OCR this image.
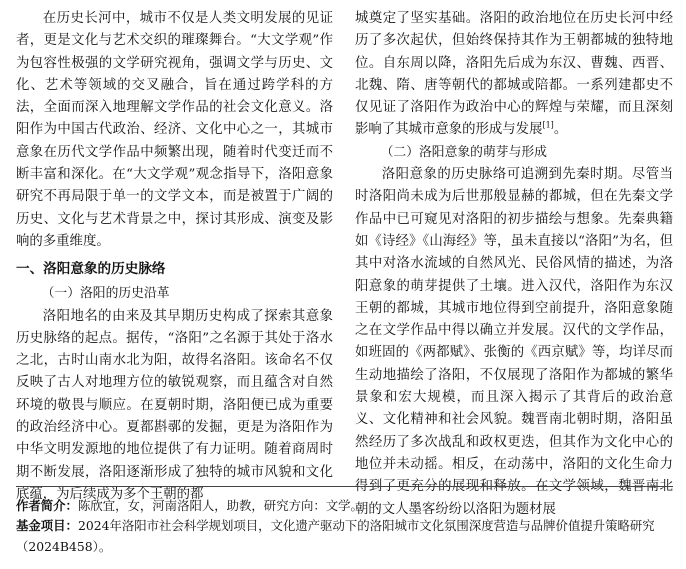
在历史长河中，城市不仅是人类文明发展的见证者，更是文化与艺术交织的璀璨舞台。“大文学观”作为包容性极强的文学研究视角，强调文学与历史、文化、艺术等领域的交叉融合，旨在通过跨学科的方法，全面而深入地理解文学作品的社会文化意义。洛阳作为中国古代政治、经济、文化中心之一，其城市意象在历代文学作品中频繁出现，随着时代变迁而不断丰富和深化。在“大文学观”观念指导下，洛阳意象研究不再局限于单一的文学文本，而是被置于广阔的历史、文化与艺术背景之中，探讨其形成、演变及影响的多重维度。

一、洛阳意象的历史脉络

（一）洛阳的历史沿革

洛阳地名的由来及其早期历史构成了探索其意象历史脉络的起点。据传，“洛阳”之名源于其处于洛水之北，古时山南水北为阳，故得名洛阳。该命名不仅反映了古人对地理方位的敏锐观察，而且蕴含对自然环境的敬畏与顺应。在夏朝时期，洛阳便已成为重要的政治经济中心。夏都斟鄩的发掘，更是为洛阳作为中华文明发源地的地位提供了有力证明。随着商周时期不断发展，洛阳逐渐形成了独特的城市风貌和文化底蕴，为后续成为多个王朝的都

城奠定了坚实基础。洛阳的政治地位在历史长河中经历了多次起伏，但始终保持其作为王朝都城的独特地位。自东周以降，洛阳先后成为东汉、曹魏、西晋、北魏、隋、唐等朝代的都城或陪都。一系列建都史不仅见证了洛阳作为政治中心的辉煌与荣耀，而且深刻影响了其城市意象的形成与发展[1]。

（二）洛阳意象的萌芽与形成

洛阳意象的历史脉络可追溯到先秦时期。尽管当时洛阳尚未成为后世那般显赫的都城，但在先秦文学作品中已可窥见对洛阳的初步描绘与想象。先秦典籍如《诗经》《山海经》等，虽未直接以“洛阳”为名，但其中对洛水流域的自然风光、民俗风情的描述，为洛阳意象的萌芽提供了土壤。进入汉代，洛阳作为东汉王朝的都城，其城市地位得到空前提升，洛阳意象随之在文学作品中得以确立并发展。汉代的文学作品，如班固的《两都赋》、张衡的《西京赋》等，均详尽而生动地描绘了洛阳，不仅展现了洛阳作为都城的繁华景象和宏大规模，而且深入揭示了其背后的政治意义、文化精神和社会风貌。魏晋南北朝时期，洛阳虽然经历了多次战乱和政权更迭，但其作为文化中心的地位并未动摇。相反，在动荡中，洛阳的文化生命力得到了更充分的展现和释放。在文学领域，魏晋南北朝的文人墨客纷纷以洛阳为题材展

作者简介：陈欣宜，女，河南洛阳人，助教，研究方向：文学。
基金项目：2024年洛阳市社会科学规划项目，文化遗产驱动下的洛阳城市文化氛围深度营造与品牌价值提升策略研究（2024B458）。
